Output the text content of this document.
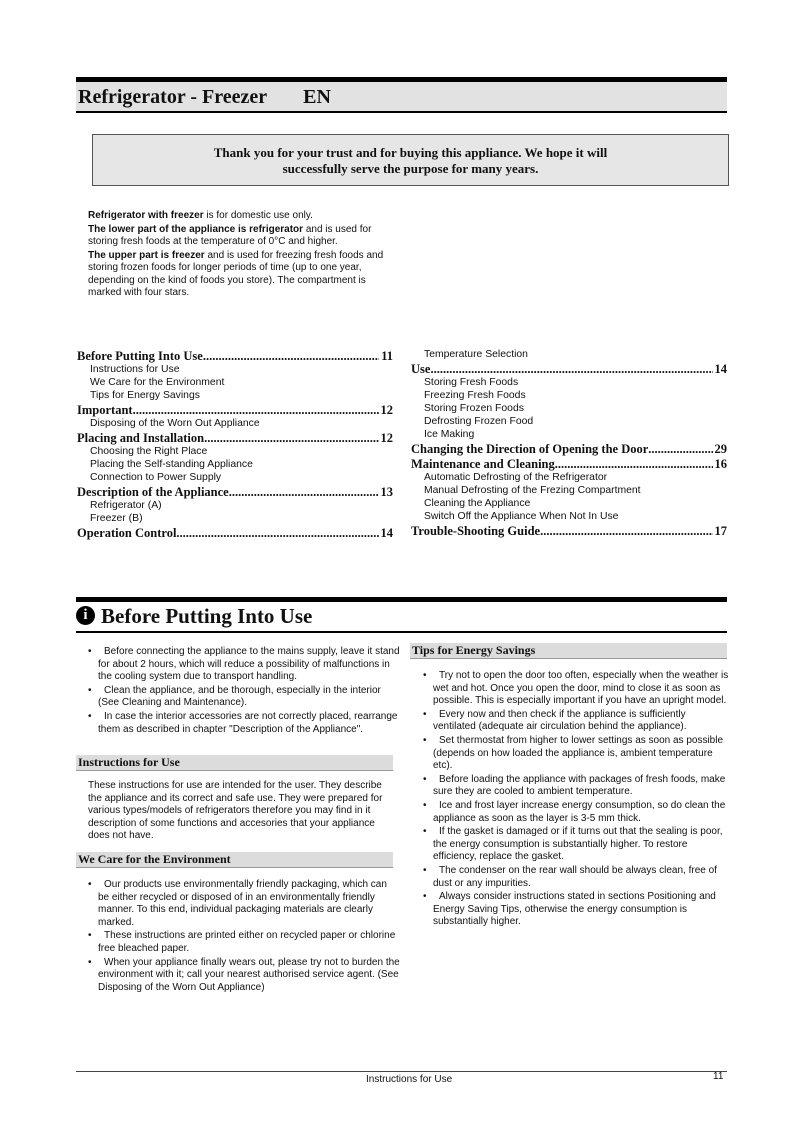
Refrigerator - Freezer EN
Thank you for your trust and for buying this appliance. We hope it will
successfully serve the purpose for many years.

Refrigerator with freezer is for domestic use only.

The lower part of the appliance is refrigerator and is used for storing fresh foods at the temperature of 0°C and higher.

The upper part is freezer and is used for freezing fresh foods and storing frozen foods for longer periods of time (up to one year, depending on the kind of foods you store). The compartment is marked with four stars.

Before Putting Into Use .....	11
Instructions for Use
We Care for the Environment
Tips for Energy Savings
Important .....	12
Disposing of the Worn Out Appliance
Placing and Installation .....	12
Choosing the Right Place
Placing the Self-standing Appliance
Connection to Power Supply
Description of the Appliance .....	13
Refrigerator (A)
Freezer (B)
Operation Control .....	14
Temperature Selection
Use .....	14
Storing Fresh Foods
Freezing Fresh Foods
Storing Frozen Foods
Defrosting Frozen Food
Ice Making
Changing the Direction of Opening the Door .....	29
Maintenance and Cleaning .....	16
Automatic Defrosting of the Refrigerator
Manual Defrosting of the Frezing Compartment
Cleaning the Appliance
Switch Off the Appliance When Not In Use
Trouble-Shooting Guide .....	17
i Before Putting Into Use
• Before connecting the appliance to the mains supply, leave it stand for about 2 hours, which will reduce a possibility of malfunctions in the cooling system due to transport handling.
• Clean the appliance, and be thorough, especially in the interior (See Cleaning and Maintenance).
• In case the interior accessories are not correctly placed, rearrange them as described in chapter "Description of the Appliance".
Instructions for Use
These instructions for use are intended for the user. They describe the appliance and its correct and safe use. They were prepared for various types/models of refrigerators therefore you may find in it description of some functions and accesories that your appliance does not have.
We Care for the Environment
• Our products use environmentally friendly packaging, which can be either recycled or disposed of in an environmentally friendly manner. To this end, individual packaging materials are clearly marked.
• These instructions are printed either on recycled paper or chlorine free bleached paper.
• When your appliance finally wears out, please try not to burden the environment with it; call your nearest authorised service agent. (See Disposing of the Worn Out Appliance)
Tips for Energy Savings
• Try not to open the door too often, especially when the weather is wet and hot. Once you open the door, mind to close it as soon as possible. This is especially important if you have an upright model.
• Every now and then check if the appliance is sufficiently ventilated (adequate air circulation behind the appliance).
• Set thermostat from higher to lower settings as soon as possible (depends on how loaded the appliance is, ambient temperature etc).
• Before loading the appliance with packages of fresh foods, make sure they are cooled to ambient temperature.
• Ice and frost layer increase energy consumption, so do clean the appliance as soon as the layer is 3-5 mm thick.
• If the gasket is damaged or if it turns out that the sealing is poor, the energy consumption is substantially higher. To restore efficiency, replace the gasket.
• The condenser on the rear wall should be always clean, free of dust or any impurities.
• Always consider instructions stated in sections Positioning and Energy Saving Tips, otherwise the energy consumption is substantially higher.
Instructions for Use	11
